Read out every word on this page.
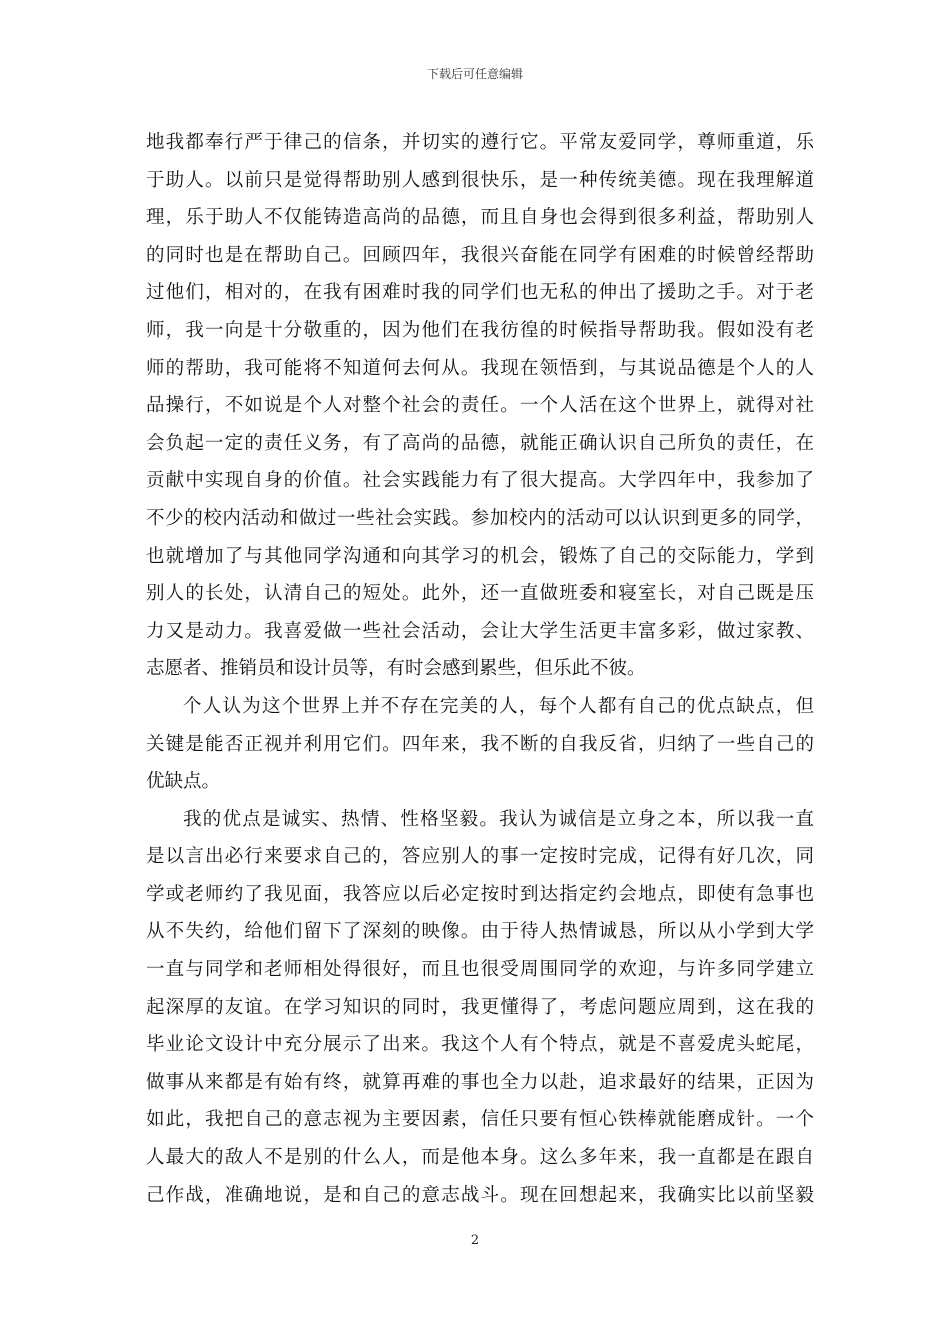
下载后可任意编辑
地我都奉行严于律己的信条，并切实的遵行它。平常友爱同学，尊师重道，乐
于助人。以前只是觉得帮助别人感到很快乐，是一种传统美德。现在我理解道
理，乐于助人不仅能铸造高尚的品德，而且自身也会得到很多利益，帮助别人
的同时也是在帮助自己。回顾四年，我很兴奋能在同学有困难的时候曾经帮助
过他们，相对的，在我有困难时我的同学们也无私的伸出了援助之手。对于老
师，我一向是十分敬重的，因为他们在我彷徨的时候指导帮助我。假如没有老
师的帮助，我可能将不知道何去何从。我现在领悟到，与其说品德是个人的人
品操行，不如说是个人对整个社会的责任。一个人活在这个世界上，就得对社
会负起一定的责任义务，有了高尚的品德，就能正确认识自己所负的责任，在
贡献中实现自身的价值。社会实践能力有了很大提高。大学四年中，我参加了
不少的校内活动和做过一些社会实践。参加校内的活动可以认识到更多的同学，
也就增加了与其他同学沟通和向其学习的机会，锻炼了自己的交际能力，学到
别人的长处，认清自己的短处。此外，还一直做班委和寝室长，对自己既是压
力又是动力。我喜爱做一些社会活动，会让大学生活更丰富多彩，做过家教、
志愿者、推销员和设计员等，有时会感到累些，但乐此不彼。
个人认为这个世界上并不存在完美的人，每个人都有自己的优点缺点，但
关键是能否正视并利用它们。四年来，我不断的自我反省，归纳了一些自己的
优缺点。
我的优点是诚实、热情、性格坚毅。我认为诚信是立身之本，所以我一直
是以言出必行来要求自己的，答应别人的事一定按时完成，记得有好几次，同
学或老师约了我见面，我答应以后必定按时到达指定约会地点，即使有急事也
从不失约，给他们留下了深刻的映像。由于待人热情诚恳，所以从小学到大学
一直与同学和老师相处得很好，而且也很受周围同学的欢迎，与许多同学建立
起深厚的友谊。在学习知识的同时，我更懂得了，考虑问题应周到，这在我的
毕业论文设计中充分展示了出来。我这个人有个特点，就是不喜爱虎头蛇尾，
做事从来都是有始有终，就算再难的事也全力以赴，追求最好的结果，正因为
如此，我把自己的意志视为主要因素，信任只要有恒心铁棒就能磨成针。一个
人最大的敌人不是别的什么人，而是他本身。这么多年来，我一直都是在跟自
己作战，准确地说，是和自己的意志战斗。现在回想起来，我确实比以前坚毅
2
